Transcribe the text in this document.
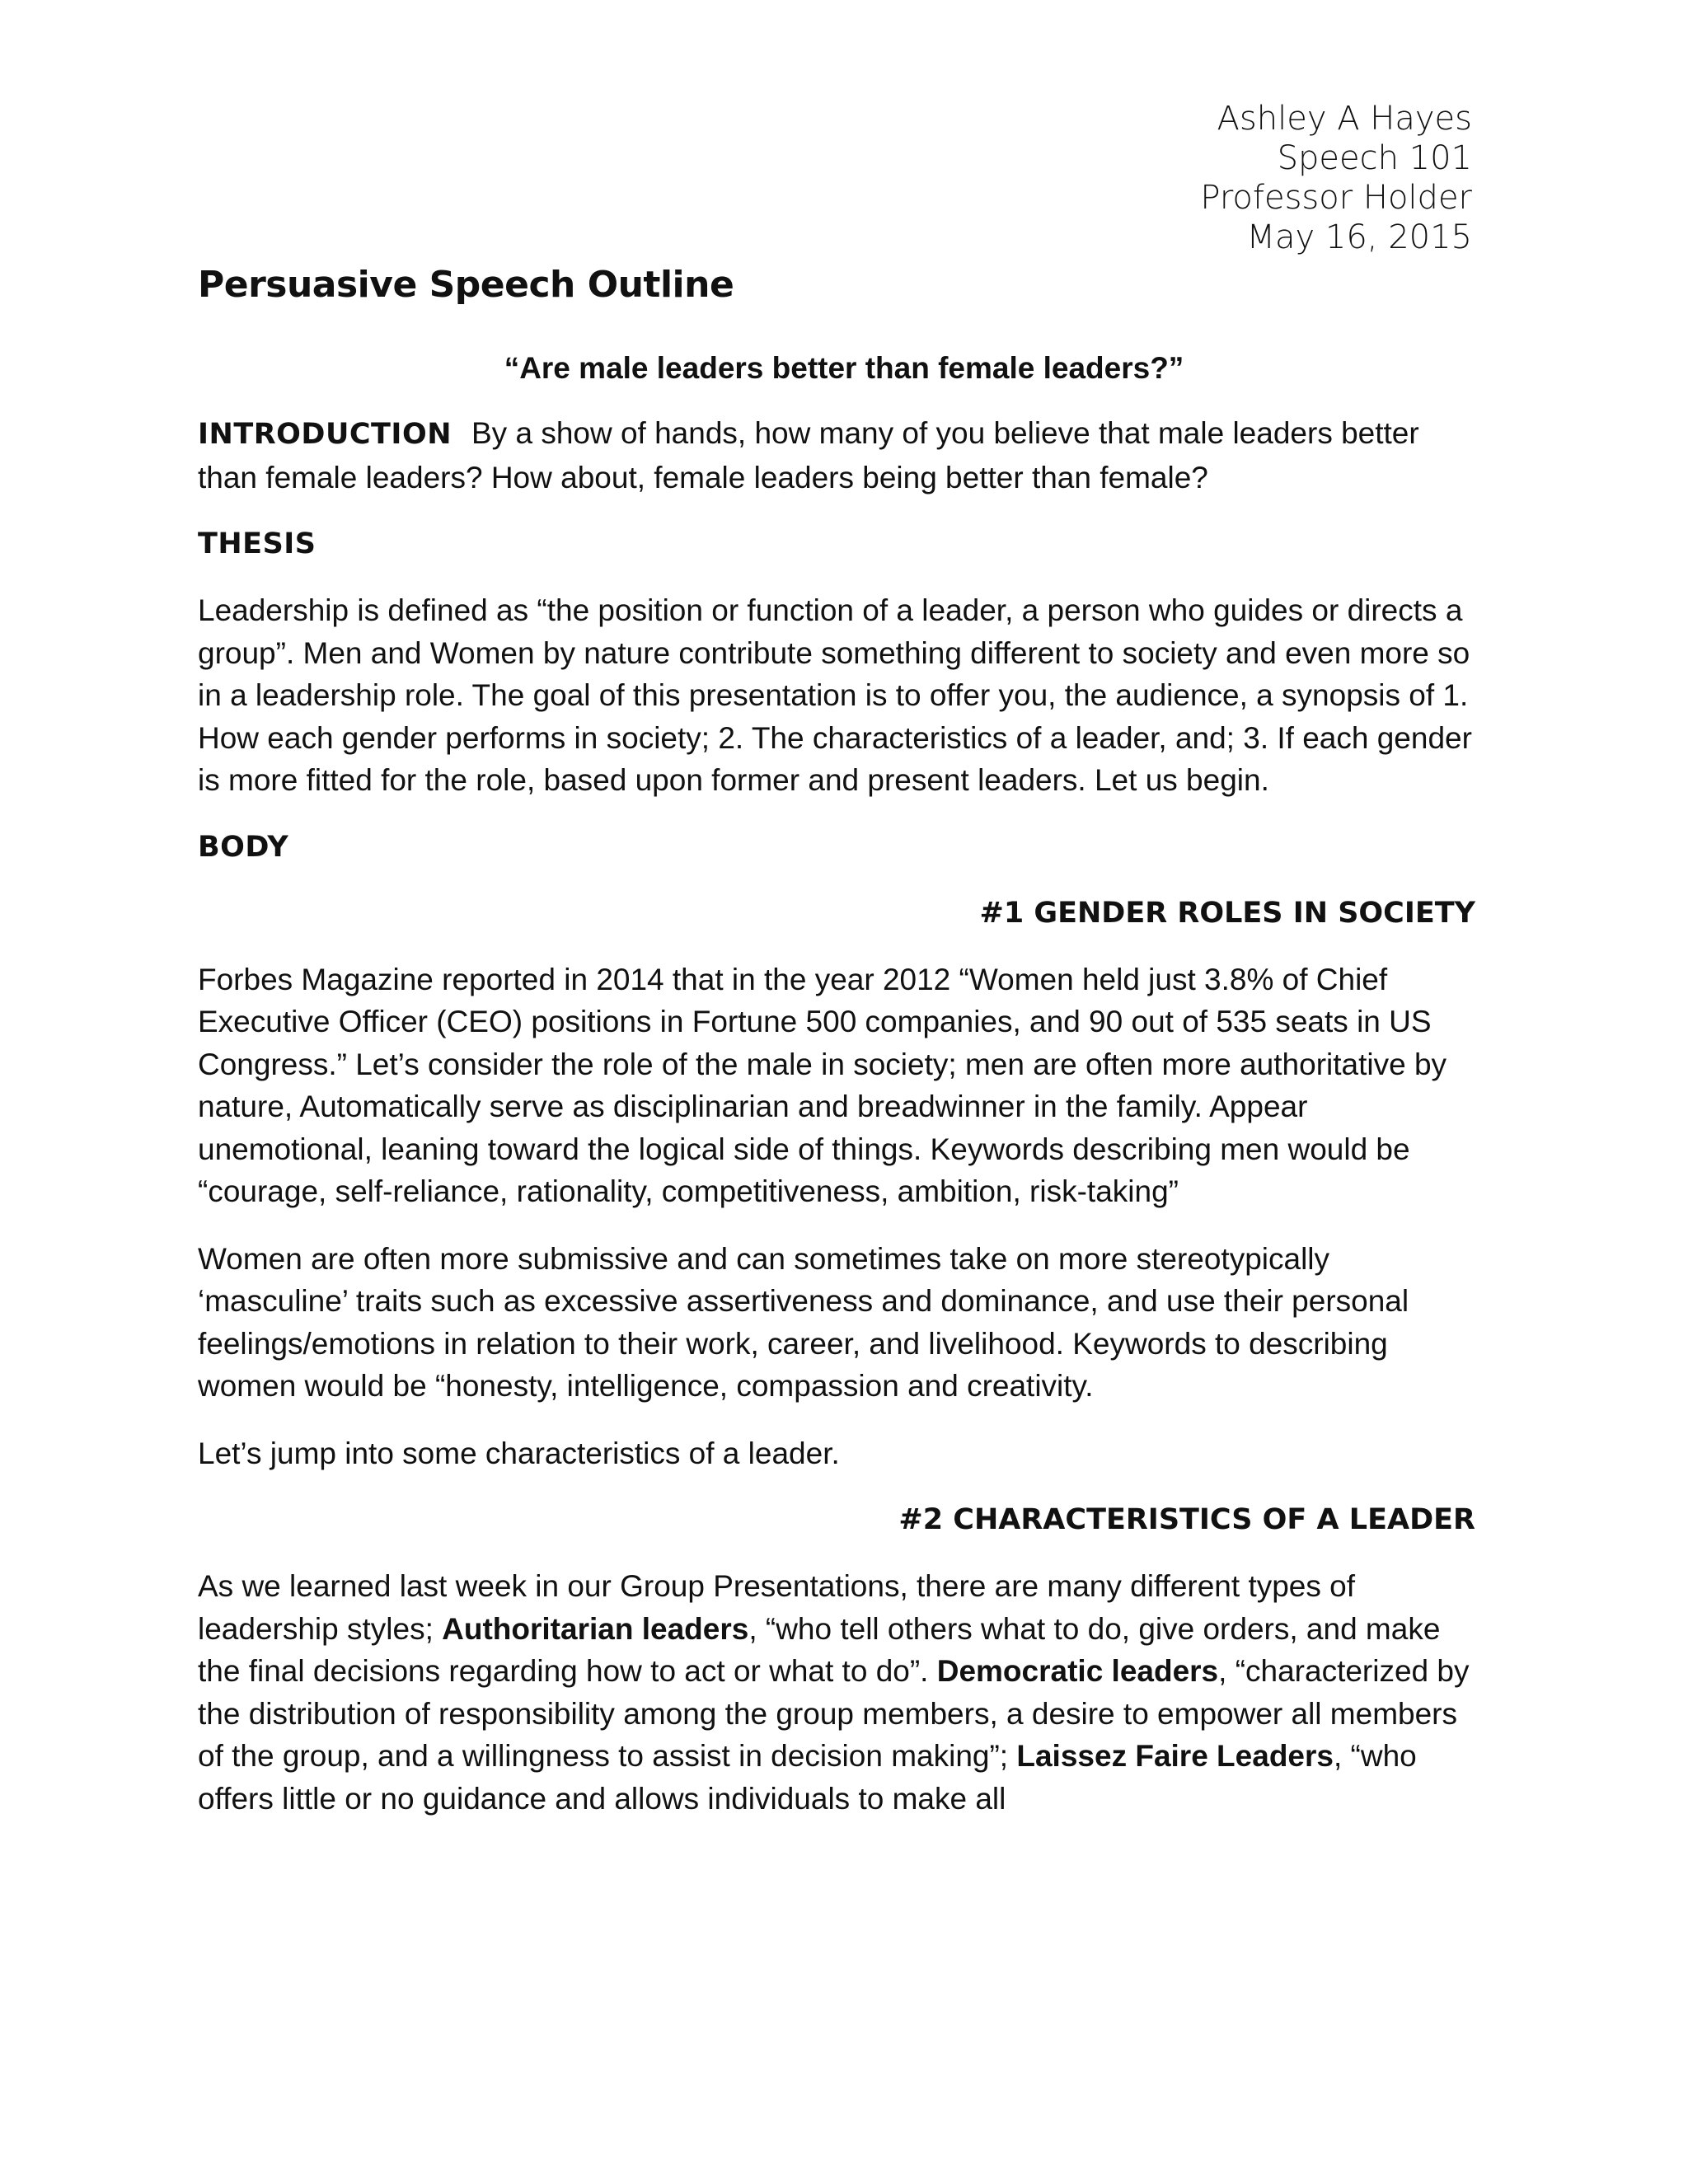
Ashley A Hayes
Speech 101
Professor Holder
May 16, 2015
Persuasive Speech Outline
“Are male leaders better than female leaders?”

INTRODUCTION By a show of hands, how many of you believe that male leaders better than female leaders? How about, female leaders being better than female?

THESIS

Leadership is defined as “the position or function of a leader, a person who guides or directs a group”. Men and Women by nature contribute something different to society and even more so in a leadership role. The goal of this presentation is to offer you, the audience, a synopsis of 1. How each gender performs in society; 2. The characteristics of a leader, and; 3. If each gender is more fitted for the role, based upon former and present leaders. Let us begin.

BODY
#1 GENDER ROLES IN SOCIETY

Forbes Magazine reported in 2014 that in the year 2012 “Women held just 3.8% of Chief Executive Officer (CEO) positions in Fortune 500 companies, and 90 out of 535 seats in US Congress.” Let’s consider the role of the male in society; men are often more authoritative by nature, Automatically serve as disciplinarian and breadwinner in the family. Appear unemotional, leaning toward the logical side of things. Keywords describing men would be “courage, self-reliance, rationality, competitiveness, ambition, risk-taking”

Women are often more submissive and can sometimes take on more stereotypically ‘masculine’ traits such as excessive assertiveness and dominance, and use their personal feelings/emotions in relation to their work, career, and livelihood. Keywords to describing women would be “honesty, intelligence, compassion and creativity.

Let’s jump into some characteristics of a leader.

#2 CHARACTERISTICS OF A LEADER

As we learned last week in our Group Presentations, there are many different types of leadership styles; Authoritarian leaders, “who tell others what to do, give orders, and make the final decisions regarding how to act or what to do”. Democratic leaders, “characterized by the distribution of responsibility among the group members, a desire to empower all members of the group, and a willingness to assist in decision making”; Laissez Faire Leaders, “who offers little or no guidance and allows individuals to make all
